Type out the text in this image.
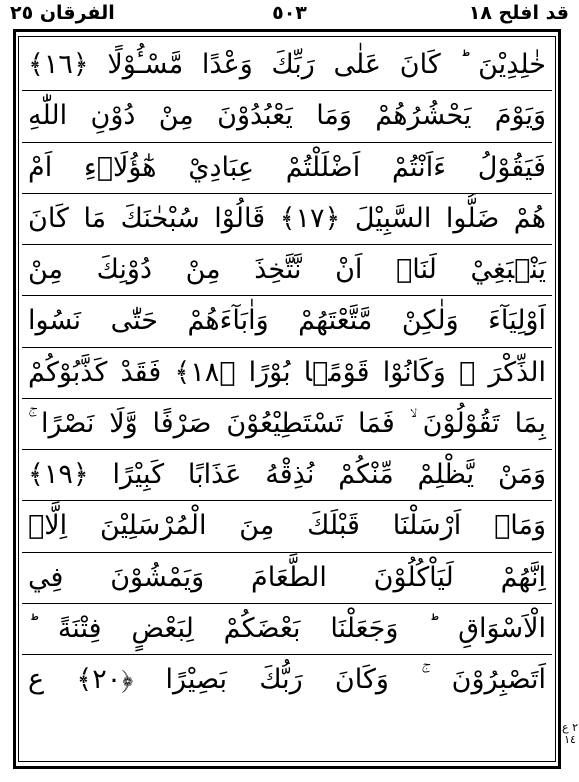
الفرقان ٢٥	٥٠٣	قد افلح ١٨
خٰلِدِيْنَ ؕ كَانَ عَلٰى رَبِّكَ وَعْدًا مَّسْـُٔوْلًا ﴿١٦﴾
وَيَوْمَ يَحْشُرُهُمْ وَمَا يَعْبُدُوْنَ مِنْ دُوْنِ اللّٰهِ
فَيَقُوْلُ ءَاَنْتُمْ اَضْلَلْتُمْ عِبَادِيْ هٰٓؤُلَاۤءِ اَمْ
هُمْ ضَلُّوا السَّبِيْلَ ﴿١٧﴾ قَالُوْا سُبْحٰنَكَ مَا كَانَ
يَنْۢبَغِيْ لَنَاۤ اَنْ نَّتَّخِذَ مِنْ دُوْنِكَ مِنْ
اَوْلِيَآءَ وَلٰكِنْ مَّتَّعْتَهُمْ وَاٰبَآءَهُمْ حَتّٰى نَسُوا
الذِّكْرَ ۚ وَكَانُوْا قَوْمًۢا بُوْرًا ﴿١٨﴾ فَقَدْ كَذَّبُوْكُمْ
بِمَا تَقُوْلُوْنَ ۙ فَمَا تَسْتَطِيْعُوْنَ صَرْفًا وَّلَا نَصْرًا ۚ
وَمَنْ يَّظْلِمْ مِّنْكُمْ نُذِقْهُ عَذَابًا كَبِيْرًا ﴿١٩﴾
وَمَاۤ اَرْسَلْنَا قَبْلَكَ مِنَ الْمُرْسَلِيْنَ اِلَّاۤ
اِنَّهُمْ لَيَاْكُلُوْنَ الطَّعَامَ وَيَمْشُوْنَ فِي
الْاَسْوَاقِ ؕ وَجَعَلْنَا بَعْضَكُمْ لِبَعْضٍ فِتْنَةً ؕ
اَتَصْبِرُوْنَ ۚ وَكَانَ رَبُّكَ بَصِيْرًا ﴿٢٠﴾ ع
٢ ع ١٤
